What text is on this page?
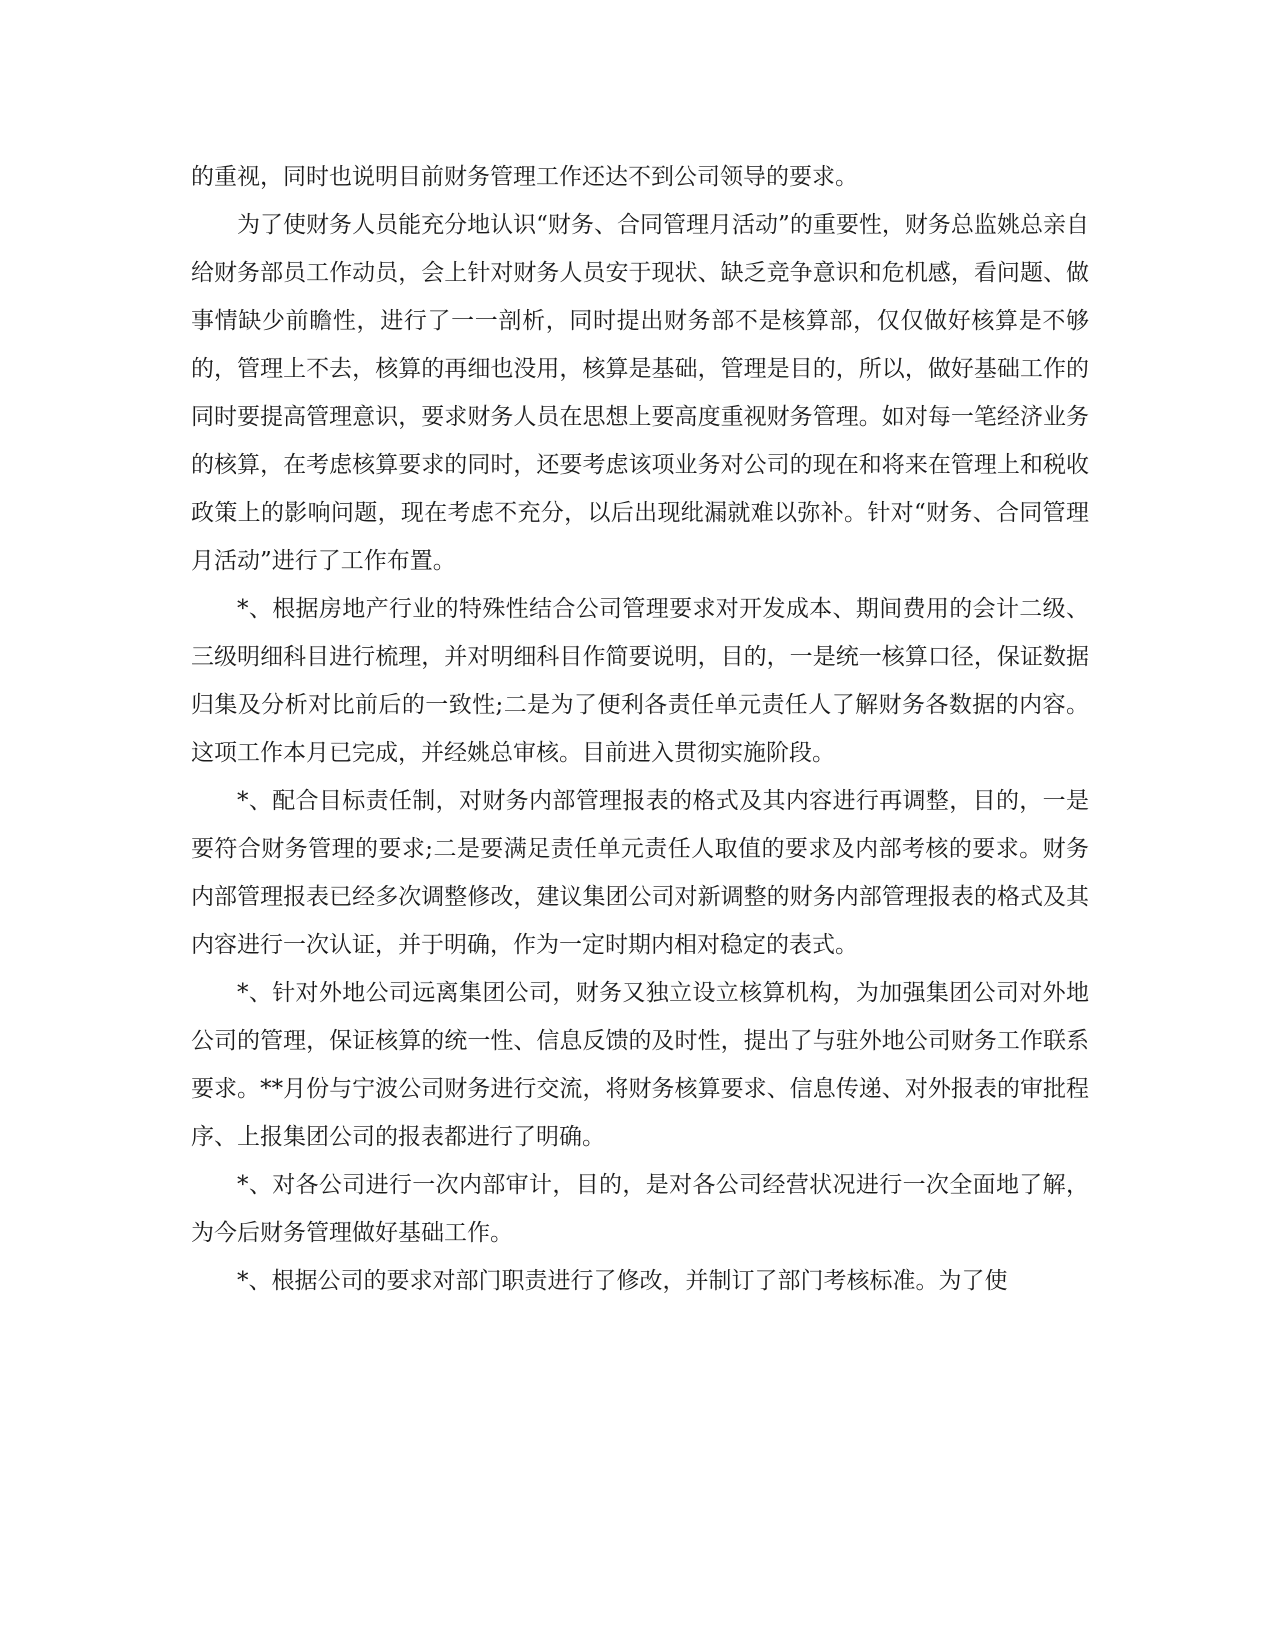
的重视，同时也说明目前财务管理工作还达不到公司领导的要求。

为了使财务人员能充分地认识“财务、合同管理月活动”的重要性，财务总监姚总亲自给财务部员工作动员，会上针对财务人员安于现状、缺乏竞争意识和危机感，看问题、做事情缺少前瞻性，进行了一一剖析，同时提出财务部不是核算部，仅仅做好核算是不够的，管理上不去，核算的再细也没用，核算是基础，管理是目的，所以，做好基础工作的同时要提高管理意识，要求财务人员在思想上要高度重视财务管理。如对每一笔经济业务的核算，在考虑核算要求的同时，还要考虑该项业务对公司的现在和将来在管理上和税收政策上的影响问题，现在考虑不充分，以后出现纰漏就难以弥补。针对“财务、合同管理月活动”进行了工作布置。

*、根据房地产行业的特殊性结合公司管理要求对开发成本、期间费用的会计二级、三级明细科目进行梳理，并对明细科目作简要说明，目的，一是统一核算口径，保证数据归集及分析对比前后的一致性;二是为了便利各责任单元责任人了解财务各数据的内容。这项工作本月已完成，并经姚总审核。目前进入贯彻实施阶段。

*、配合目标责任制，对财务内部管理报表的格式及其内容进行再调整，目的，一是要符合财务管理的要求;二是要满足责任单元责任人取值的要求及内部考核的要求。财务内部管理报表已经多次调整修改，建议集团公司对新调整的财务内部管理报表的格式及其内容进行一次认证，并于明确，作为一定时期内相对稳定的表式。

*、针对外地公司远离集团公司，财务又独立设立核算机构，为加强集团公司对外地公司的管理，保证核算的统一性、信息反馈的及时性，提出了与驻外地公司财务工作联系要求。**月份与宁波公司财务进行交流，将财务核算要求、信息传递、对外报表的审批程序、上报集团公司的报表都进行了明确。

*、对各公司进行一次内部审计，目的，是对各公司经营状况进行一次全面地了解，为今后财务管理做好基础工作。

*、根据公司的要求对部门职责进行了修改，并制订了部门考核标准。为了使
